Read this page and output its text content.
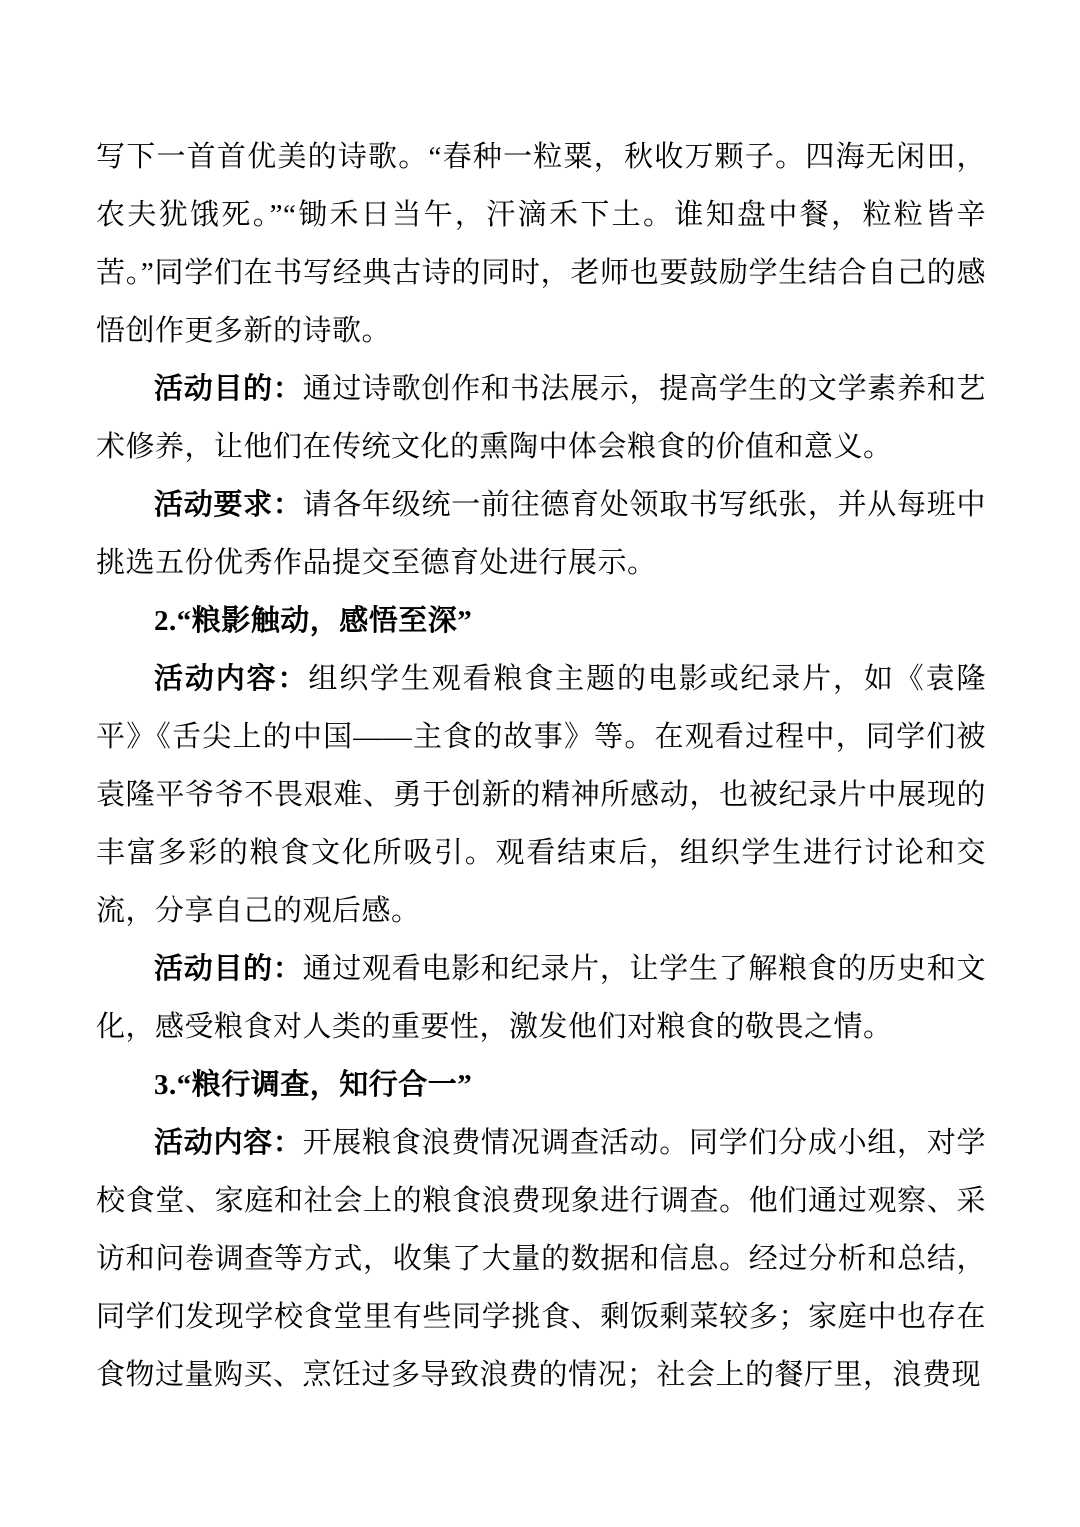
写下一首首优美的诗歌。“春种一粒粟，秋收万颗子。四海无闲田，农夫犹饿死。”“锄禾日当午，汗滴禾下土。谁知盘中餐，粒粒皆辛苦。”同学们在书写经典古诗的同时，老师也要鼓励学生结合自己的感悟创作更多新的诗歌。

活动目的：通过诗歌创作和书法展示，提高学生的文学素养和艺术修养，让他们在传统文化的熏陶中体会粮食的价值和意义。

活动要求：请各年级统一前往德育处领取书写纸张，并从每班中挑选五份优秀作品提交至德育处进行展示。

2.“粮影触动，感悟至深”

活动内容：组织学生观看粮食主题的电影或纪录片，如《袁隆平》《舌尖上的中国——主食的故事》等。在观看过程中，同学们被袁隆平爷爷不畏艰难、勇于创新的精神所感动，也被纪录片中展现的丰富多彩的粮食文化所吸引。观看结束后，组织学生进行讨论和交流，分享自己的观后感。

活动目的：通过观看电影和纪录片，让学生了解粮食的历史和文化，感受粮食对人类的重要性，激发他们对粮食的敬畏之情。

3.“粮行调查，知行合一”

活动内容：开展粮食浪费情况调查活动。同学们分成小组，对学校食堂、家庭和社会上的粮食浪费现象进行调查。他们通过观察、采访和问卷调查等方式，收集了大量的数据和信息。经过分析和总结，同学们发现学校食堂里有些同学挑食、剩饭剩菜较多；家庭中也存在食物过量购买、烹饪过多导致浪费的情况；社会上的餐厅里，浪费现
